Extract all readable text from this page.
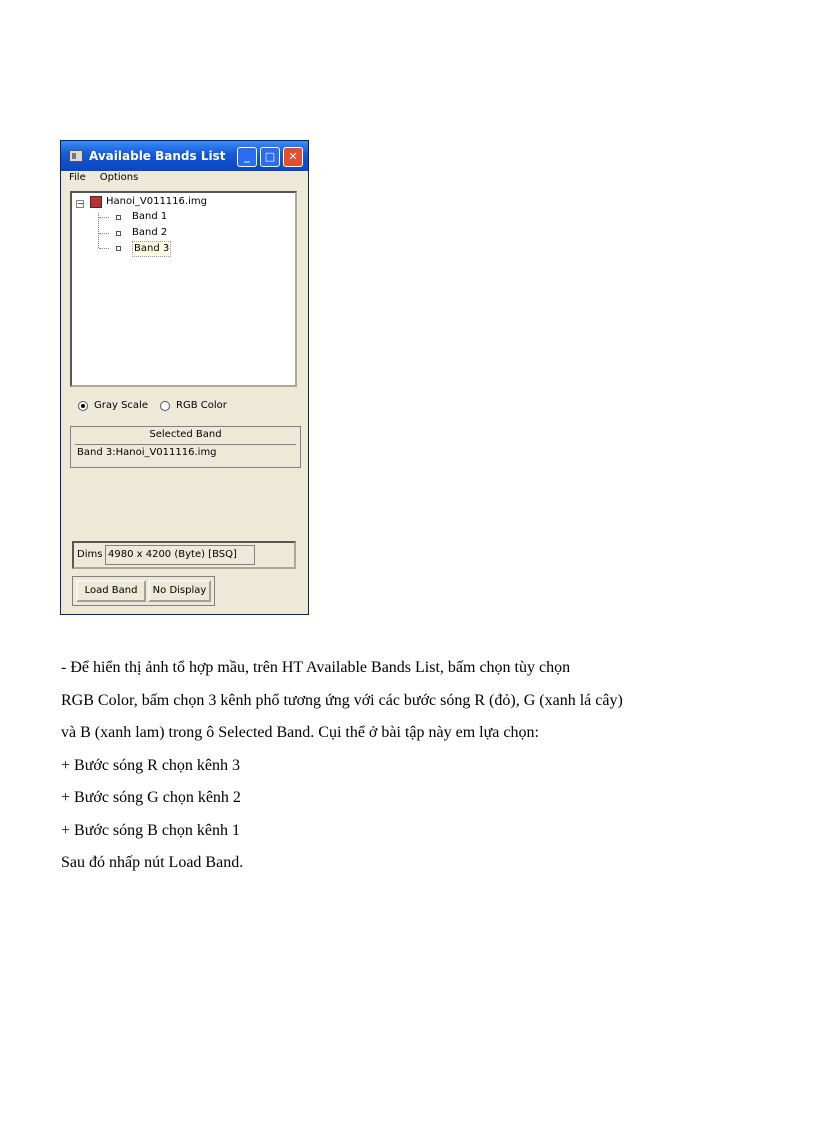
Available Bands List	_	□	✕
File Options
− Hanoi_V011116.img
Band 1
Band 2
Band 3
Gray Scale	RGB Color
Selected Band
Band 3:Hanoi_V011116.img
Dims 4980 x 4200 (Byte) [BSQ]
Load Band	No Display

- Để hiển thị ảnh tổ hợp mầu, trên HT Available Bands List, bấm chọn tùy chọn

RGB Color, bấm chọn 3 kênh phổ tương ứng với các bước sóng R (đỏ), G (xanh lá cây)

và B (xanh lam) trong ô Selected Band. Cụi thể ở bài tập này em lựa chọn:

+ Bước sóng R chọn kênh 3

+ Bước sóng G chọn kênh 2

+ Bước sóng B chọn kênh 1

Sau đó nhấp nút Load Band.
